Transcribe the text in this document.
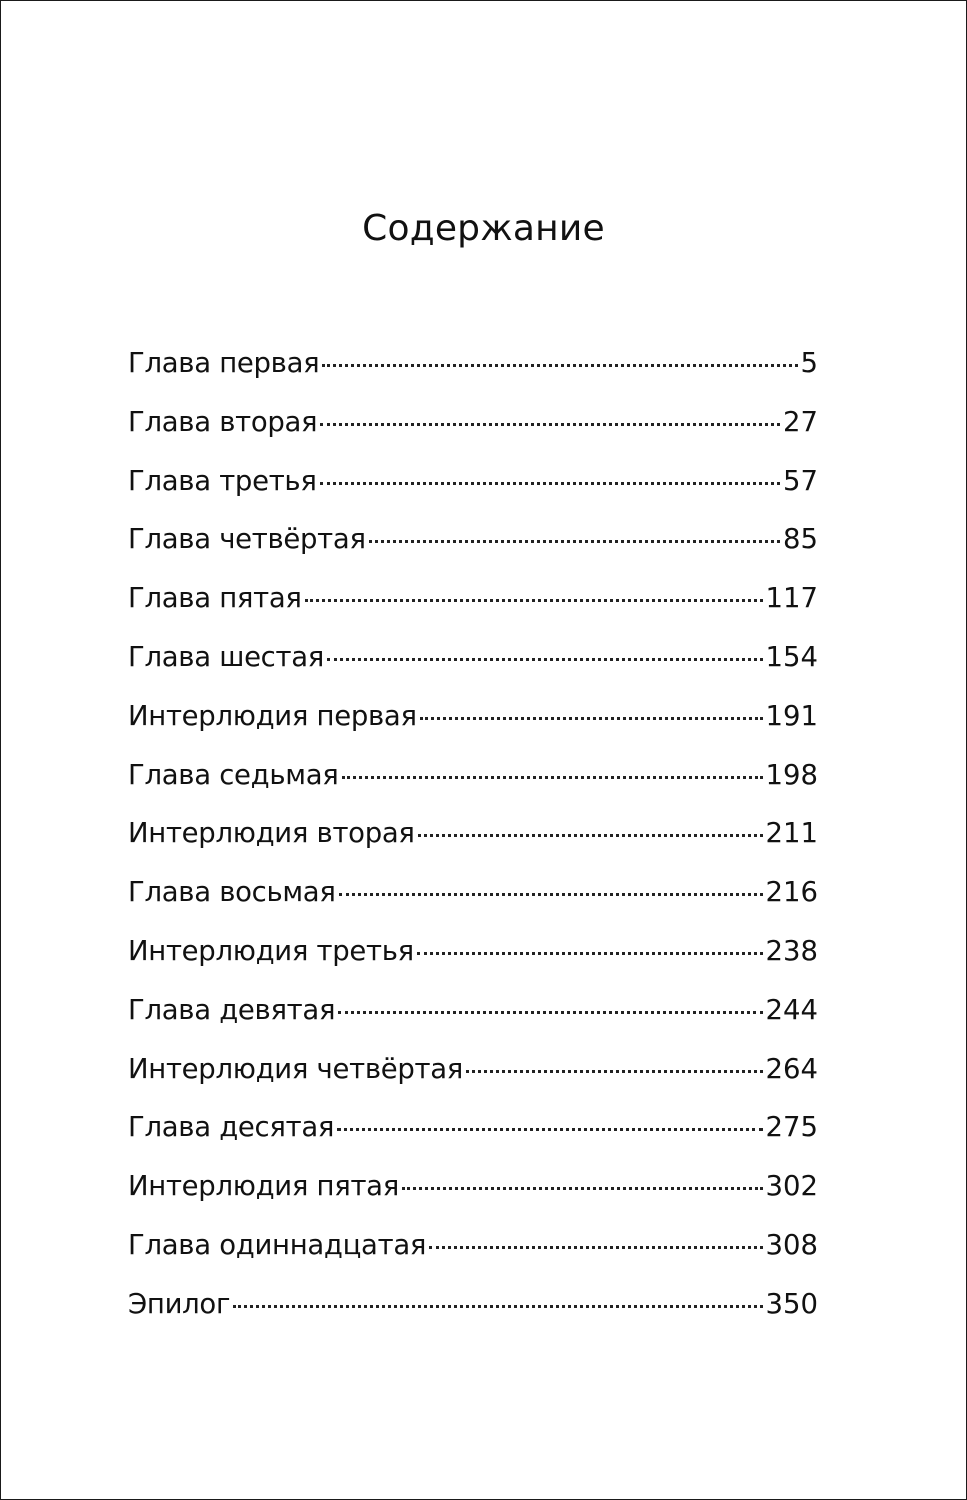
Содержание
Глава первая	5
Глава вторая	27
Глава третья	57
Глава четвёртая	85
Глава пятая	117
Глава шестая	154
Интерлюдия первая	191
Глава седьмая	198
Интерлюдия вторая	211
Глава восьмая	216
Интерлюдия третья	238
Глава девятая	244
Интерлюдия четвёртая	264
Глава десятая	275
Интерлюдия пятая	302
Глава одиннадцатая	308
Эпилог	350
